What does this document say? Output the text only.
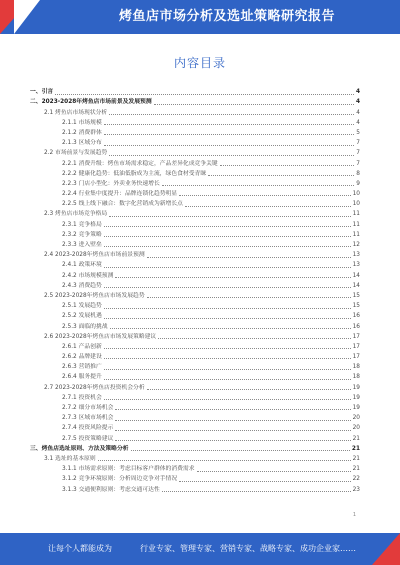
烤鱼店市场分析及选址策略研究报告
内容目录
一、引言	4
二、2023-2028年烤鱼店市场前景及发展预测	4
2.1 烤鱼店市场现状分析	4
2.1.1 市场规模	4
2.1.2 消费群体	5
2.1.3 区域分布	7
2.2 市场前景与发展趋势	7
2.2.1 消费升级：烤鱼市场需求稳定，产品差异化成竞争关键	7
2.2.2 健康化趋势：低油低脂成为主流，绿色食材受青睐	8
2.2.3 门店小型化：外卖业务快速增长	9
2.2.4 行业集中度提升：品牌连锁化趋势明显	10
2.2.5 线上线下融合：数字化营销成为新增长点	10
2.3 烤鱼店市场竞争格局	11
2.3.1 竞争格局	11
2.3.2 竞争策略	11
2.3.3 进入壁垒	12
2.4 2023-2028年烤鱼店市场前景预测	13
2.4.1 政策环境	13
2.4.2 市场规模预测	14
2.4.3 消费趋势	14
2.5 2023-2028年烤鱼店市场发展趋势	15
2.5.1 发展趋势	15
2.5.2 发展机遇	16
2.5.3 面临的挑战	16
2.6 2023-2028年烤鱼店市场发展策略建议	17
2.6.1 产品创新	17
2.6.2 品牌建设	17
2.6.3 营销推广	18
2.6.4 服务提升	18
2.7 2023-2028年烤鱼店投资机会分析	19
2.7.1 投资机会	19
2.7.2 细分市场机会	19
2.7.3 区域市场机会	20
2.7.4 投资风险提示	20
2.7.5 投资策略建议	21
三、烤鱼店选址原则、方法及策略分析	21
3.1 选址的基本原则	21
3.1.1 市场需求原则：考虑目标客户群体的消费需求	21
3.1.2 竞争环境原则：分析周边竞争对手情况	22
3.1.3 交通便利原则：考虑交通可达性	23
1
让每个人都能成为	行业专家、管理专家、营销专家、战略专家、成功企业家……
